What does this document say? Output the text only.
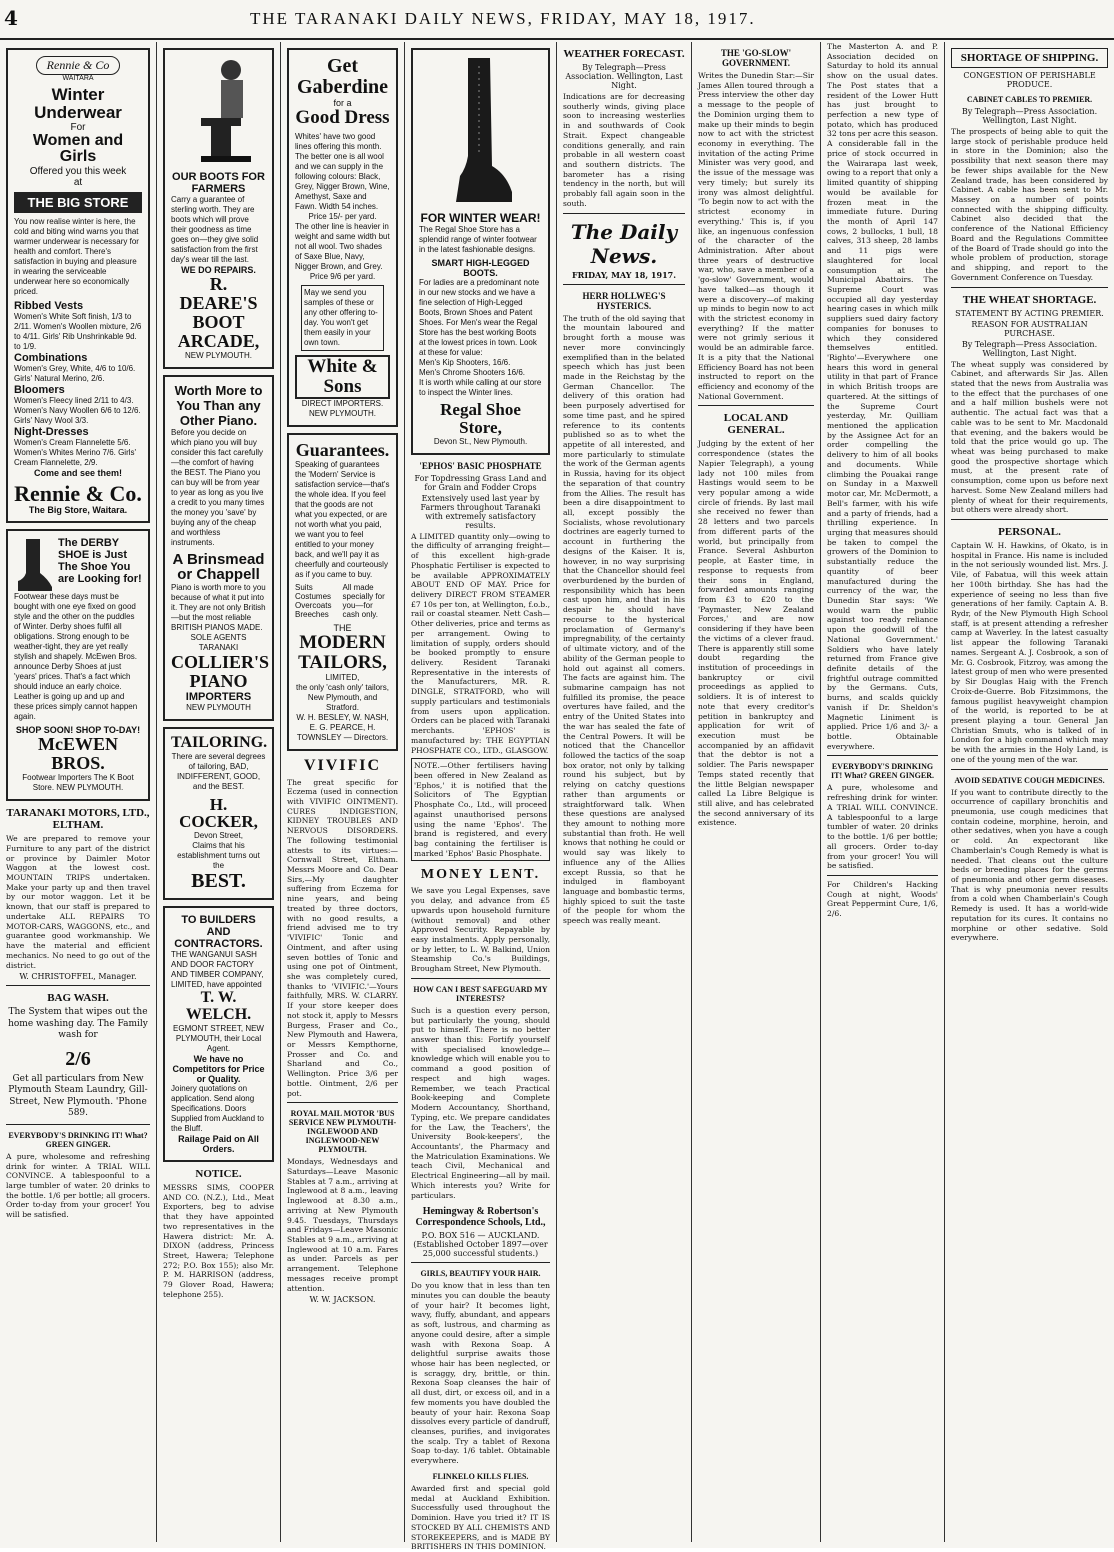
4	THE TARANAKI DAILY NEWS, FRIDAY, MAY 18, 1917.
Rennie & Co
WAITARA
Winter Underwear
For
Women and Girls
Offered you this week
at
THE BIG STORE
You now realise winter is here, the cold and biting wind warns you that warmer underwear is necessary for health and comfort. There's satisfaction in buying and pleasure in wearing the serviceable underwear here so economically priced.
Ribbed Vests
Women's White Soft finish, 1/3 to 2/11. Women's Woollen mixture, 2/6 to 4/11. Girls' Rib Unshrinkable 9d. to 1/9.
Combinations
Women's Grey, White, 4/6 to 10/6. Girls' Natural Merino, 2/6.
Bloomers
Women's Fleecy lined 2/11 to 4/3. Women's Navy Woollen 6/6 to 12/6. Girls' Navy Wool 3/3.
Night-Dresses
Women's Cream Flannelette 5/6. Women's Whites Merino 7/6. Girls' Cream Flannelette, 2/9.
Come and see them!
Rennie & Co.
The Big Store, Waitara.
The DERBY SHOE is Just The Shoe You are Looking for!
Footwear these days must be bought with one eye fixed on good style and the other on the puddles of Winter. Derby shoes fulfil all obligations. Strong enough to be weather-tight, they are yet really stylish and shapely. McEwen Bros. announce Derby Shoes at just 'years' prices. That's a fact which should induce an early choice. Leather is going up and up and these prices simply cannot happen again.
SHOP SOON! SHOP TO-DAY!
McEWEN BROS.
Footwear Importers The K Boot Store. NEW PLYMOUTH.
TARANAKI MOTORS, LTD., ELTHAM.
We are prepared to remove your Furniture to any part of the district or province by Daimler Motor Waggon at the lowest cost. MOUNTAIN TRIPS undertaken. Make your party up and then travel by our motor waggon. Let it be known, that our staff is prepared to undertake ALL REPAIRS TO MOTOR-CARS, WAGGONS, etc., and guarantee good workmanship. We have the material and efficient mechanics. No need to go out of the district.
W. CHRISTOFFEL, Manager.
BAG WASH.
The System that wipes out the home washing day. The Family wash for
2/6
Get all particulars from New Plymouth Steam Laundry, Gill-Street, New Plymouth. 'Phone 589.
EVERYBODY'S DRINKING IT! What? GREEN GINGER.
A pure, wholesome and refreshing drink for winter. A TRIAL WILL CONVINCE. A tablespoonful to a large tumbler of water. 20 drinks to the bottle. 1/6 per bottle; all grocers. Order to-day from your grocer! You will be satisfied.
OUR BOOTS FOR FARMERS
Carry a guarantee of sterling worth. They are boots which will prove their goodness as time goes on—they give solid satisfaction from the first day's wear till the last.
WE DO REPAIRS.
R. DEARE'S BOOT ARCADE,
NEW PLYMOUTH.
Worth More to You Than any Other Piano.
Before you decide on which piano you will buy consider this fact carefully—the comfort of having the BEST. The Piano you can buy will be from year to year as long as you live a credit to you many times the money you 'save' by buying any of the cheap and worthless instruments.
A Brinsmead or Chappell
Piano is worth more to you because of what it put into it. They are not only British—but the most reliable BRITISH PIANOS MADE.
SOLE AGENTS TARANAKI
COLLIER'S PIANO
IMPORTERS
NEW PLYMOUTH
TAILORING.
There are several degrees of tailoring, BAD, INDIFFERENT, GOOD, and the BEST.
H. COCKER,
Devon Street,
Claims that his establishment turns out the
BEST.
TO BUILDERS AND CONTRACTORS.
THE WANGANUI SASH AND DOOR FACTORY AND TIMBER COMPANY, LIMITED, have appointed
T. W. WELCH.
EGMONT STREET, NEW PLYMOUTH, their Local Agent.
We have no Competitors for Price or Quality.
Joinery quotations on application. Send along Specifications. Doors Supplied from Auckland to the Bluff.
Railage Paid on All Orders.
NOTICE.
MESSRS SIMS, COOPER AND CO. (N.Z.), Ltd., Meat Exporters, beg to advise that they have appointed two representatives in the Hawera district: Mr. A. DIXON (address, Princess Street, Hawera; Telephone 272; P.O. Box 155); also Mr. P. M. HARRISON (address, 79 Glover Road, Hawera; telephone 255).
Get
Gaberdine
for a
Good Dress
Whites' have two good lines offering this month. The better one is all wool and we can supply in the following colours: Black, Grey, Nigger Brown, Wine, Amethyst, Saxe and Fawn. Width 54 inches.
Price 15/- per yard.
The other line is heavier in weight and same width but not all wool. Two shades of Saxe Blue, Navy, Nigger Brown, and Grey.
Price 9/6 per yard.
May we send you samples of these or any other offering to-day. You won't get them easily in your own town.
White & Sons
DIRECT IMPORTERS. NEW PLYMOUTH.
Guarantees.
Speaking of guarantees the 'Modern' Service is satisfaction service—that's the whole idea. If you feel that the goods are not what you expected, or are not worth what you paid, we want you to feel entitled to your money back, and we'll pay it as cheerfully and courteously as if you came to buy.
Suits
Costumes
Overcoats
Breeches
All made specially for you—for cash only.
THE
MODERN TAILORS,
LIMITED,
the only 'cash only' tailors,
New Plymouth, and Stratford.
W. H. BESLEY, W. NASH, E. G. PEARCE, H. TOWNSLEY — Directors.
VIVIFIC
The great specific for Eczema (used in connection with VIVIFIC OINTMENT). CURES INDIGESTION, KIDNEY TROUBLES AND NERVOUS DISORDERS. The following testimonial attests to its virtues:— Cornwall Street, Eltham. Messrs Moore and Co. Dear Sirs,—My daughter suffering from Eczema for nine years, and being treated by three doctors, with no good results, a friend advised me to try 'VIVIFIC' Tonic and Ointment, and after using seven bottles of Tonic and using one pot of Ointment, she was completely cured, thanks to 'VIVIFIC.'—Yours faithfully, MRS. W. CLARRY. If your store keeper does not stock it, apply to Messrs Burgess, Fraser and Co., New Plymouth and Hawera, or Messrs Kempthorne, Prosser and Co. and Sharland and Co., Wellington. Price 3/6 per bottle. Ointment, 2/6 per pot.
ROYAL MAIL MOTOR 'BUS SERVICE NEW PLYMOUTH-INGLEWOOD AND INGLEWOOD-NEW PLYMOUTH.
Mondays, Wednesdays and Saturdays—Leave Masonic Stables at 7 a.m., arriving at Inglewood at 8 a.m., leaving Inglewood at 8.30 a.m., arriving at New Plymouth 9.45. Tuesdays, Thursdays and Fridays—Leave Masonic Stables at 9 a.m., arriving at Inglewood at 10 a.m. Fares as under. Parcels as per arrangement. Telephone messages receive prompt attention.
W. W. JACKSON.
FOR WINTER WEAR!
The Regal Shoe Store has a splendid range of winter footwear in the latest fashionable designs.
SMART HIGH-LEGGED BOOTS.
For ladies are a predominant note in our new stocks and we have a fine selection of High-Legged Boots, Brown Shoes and Patent Shoes. For Men's wear the Regal Store has the best working Boots at the lowest prices in town. Look at these for value:
Men's Kip Shooters, 16/6.
Men's Chrome Shooters 16/6.
It is worth while calling at our store to inspect the Winter lines.
Regal Shoe Store,
Devon St., New Plymouth.
'EPHOS' BASIC PHOSPHATE
For Topdressing Grass Land and for Grain and Fodder Crops
Extensively used last year by Farmers throughout Taranaki with extremely satisfactory results.
A LIMITED quantity only—owing to the difficulty of arranging freight—of this excellent high-grade Phosphatic Fertiliser is expected to be available APPROXIMATELY ABOUT END OF MAY. Price for delivery DIRECT FROM STEAMER £7 10s per ton, at Wellington, f.o.b., rail or coastal steamer. Nett Cash—Other deliveries, price and terms as per arrangement. Owing to limitation of supply, orders should be booked promptly to ensure delivery. Resident Taranaki Representative in the interests of the Manufacturers, MR. R. DINGLE, STRATFORD, who will supply particulars and testimonials from users upon application. Orders can be placed with Taranaki merchants. 'EPHOS' is manufactured by: THE EGYPTIAN PHOSPHATE CO., LTD., GLASGOW.
NOTE.—Other fertilisers having been offered in New Zealand as 'Ephos,' it is notified that the Solicitors of The Egyptian Phosphate Co., Ltd., will proceed against unauthorised persons using the name 'Ephos'. The brand is registered, and every bag containing the fertiliser is marked 'Ephos' Basic Phosphate.
MONEY LENT.
We save you Legal Expenses, save you delay, and advance from £5 upwards upon household furniture (without removal) and other Approved Security. Repayable by easy instalments. Apply personally, or by letter, to L. W. Balkind, Union Steamship Co.'s Buildings, Brougham Street, New Plymouth.
HOW CAN I BEST SAFEGUARD MY INTERESTS?
Such is a question every person, but particularly the young, should put to himself. There is no better answer than this: Fortify yourself with specialised knowledge—knowledge which will enable you to command a good position of respect and high wages. Remember, we teach Practical Book-keeping and Complete Modern Accountancy, Shorthand, Typing, etc. We prepare candidates for the Law, the Teachers', the University Book-keepers', the Accountants', the Pharmacy and the Matriculation Examinations. We teach Civil, Mechanical and Electrical Engineering—all by mail. Which interests you? Write for particulars.
Hemingway & Robertson's Correspondence Schools, Ltd.,
P.O. BOX 516 — AUCKLAND. (Established October 1897—over 25,000 successful students.)
GIRLS, BEAUTIFY YOUR HAIR.
Do you know that in less than ten minutes you can double the beauty of your hair? It becomes light, wavy, fluffy, abundant, and appears as soft, lustrous, and charming as anyone could desire, after a simple wash with Rexona Soap. A delightful surprise awaits those whose hair has been neglected, or is scraggy, dry, brittle, or thin. Rexona Soap cleanses the hair of all dust, dirt, or excess oil, and in a few moments you have doubled the beauty of your hair. Rexona Soap dissolves every particle of dandruff, cleanses, purifies, and invigorates the scalp. Try a tablet of Rexona Soap to-day. 1/6 tablet. Obtainable everywhere.
FLINKELO KILLS FLIES.
Awarded first and special gold medal at Auckland Exhibition. Successfully used throughout the Dominion. Have you tried it? IT IS STOCKED BY ALL CHEMISTS AND STOREKEEPERS, and is MADE BY BRITISHERS IN THIS DOMINION.
WEATHER FORECAST.
By Telegraph—Press Association. Wellington, Last Night.
Indications are for decreasing southerly winds, giving place soon to increasing westerlies in and southwards of Cook Strait. Expect changeable conditions generally, and rain probable in all western coast and southern districts. The barometer has a rising tendency in the north, but will probably fall again soon in the south.
The Daily News.
FRIDAY, MAY 18, 1917.
HERR HOLLWEG'S HYSTERICS.
The truth of the old saying that the mountain laboured and brought forth a mouse was never more convincingly exemplified than in the belated speech which has just been made in the Reichstag by the German Chancellor. The delivery of this oration had been purposely advertised for some time past, and he spired reference to its contents published so as to whet the appetite of all interested, and more particularly to stimulate the work of the German agents in Russia, having for its object the separation of that country from the Allies. The result has been a dire disappointment to all, except possibly the Socialists, whose revolutionary doctrines are eagerly turned to account in furthering the designs of the Kaiser. It is, however, in no way surprising that the Chancellor should feel overburdened by the burden of responsibility which has been cast upon him, and that in his despair he should have recourse to the hysterical proclamation of Germany's impregnability, of the certainty of ultimate victory, and of the ability of the German people to hold out against all comers. The facts are against him. The submarine campaign has not fulfilled its promise, the peace overtures have failed, and the entry of the United States into the war has sealed the fate of the Central Powers. It will be noticed that the Chancellor followed the tactics of the soap box orator, not only by talking round his subject, but by relying on catchy questions rather than arguments or straightforward talk. When these questions are analysed they amount to nothing more substantial than froth. He well knows that nothing he could or would say was likely to influence any of the Allies except Russia, so that he indulged in flamboyant language and bombastic terms, highly spiced to suit the taste of the people for whom the speech was really meant.
THE 'GO-SLOW' GOVERNMENT.
Writes the Dunedin Star:—Sir James Allen toured through a Press interview the other day a message to the people of the Dominion urging them to make up their minds to begin now to act with the strictest economy in everything. The invitation of the acting Prime Minister was very good, and the issue of the message was very timely; but surely its irony was almost delightful. 'To begin now to act with the strictest economy in everything.' This is, if you like, an ingenuous confession of the character of the Administration. After about three years of destructive war, who, save a member of a 'go-slow' Government, would have talked—as though it were a discovery—of making up minds to begin now to act with the strictest economy in everything? If the matter were not grimly serious it would be an admirable farce. It is a pity that the National Efficiency Board has not been instructed to report on the efficiency and economy of the National Government.
LOCAL AND GENERAL.
Judging by the extent of her correspondence (states the Napier Telegraph), a young lady not 100 miles from Hastings would seem to be very popular among a wide circle of friends. By last mail she received no fewer than 28 letters and two parcels from different parts of the world, but principally from France. Several Ashburton people, at Easter time, in response to requests from their sons in England, forwarded amounts ranging from £3 to £20 to the 'Paymaster, New Zealand Forces,' and are now considering if they have been the victims of a clever fraud. There is apparently still some doubt regarding the institution of proceedings in bankruptcy or civil proceedings as applied to soldiers. It is of interest to note that every creditor's petition in bankruptcy and application for writ of execution must be accompanied by an affidavit that the debtor is not a soldier. The Paris newspaper Temps stated recently that the little Belgian newspaper called La Libre Belgique is still alive, and has celebrated the second anniversary of its existence.
The Masterton A. and P. Association decided on Saturday to hold its annual show on the usual dates. The Post states that a resident of the Lower Hutt has just brought to perfection a new type of potato, which has produced 32 tons per acre this season. A considerable fall in the price of stock occurred in the Wairarapa last week, owing to a report that only a limited quantity of shipping would be available for frozen meat in the immediate future. During the month of April 147 cows, 2 bullocks, 1 bull, 18 calves, 313 sheep, 28 lambs and 11 pigs were slaughtered for local consumption at the Municipal Abattoirs. The Supreme Court was occupied all day yesterday hearing cases in which milk suppliers sued dairy factory companies for bonuses to which they considered themselves entitled. 'Righto'—Everywhere one hears this word in general utility in that part of France in which British troops are quartered. At the sittings of the Supreme Court yesterday, Mr. Quilliam mentioned the application by the Assignee Act for an order compelling the delivery to him of all books and documents. While climbing the Pouakai range on Sunday in a Maxwell motor car, Mr. McDermott, a Bell's farmer, with his wife and a party of friends, had a thrilling experience. In urging that measures should be taken to compel the growers of the Dominion to substantially reduce the quantity of beer manufactured during the currency of the war, the Dunedin Star says: 'We would warn the public against too ready reliance upon the goodwill of the National Government.' Soldiers who have lately returned from France give definite details of the frightful outrage committed by the Germans. Cuts, burns, and scalds quickly vanish if Dr. Sheldon's Magnetic Liniment is applied. Price 1/6 and 3/- a bottle. Obtainable everywhere.
EVERYBODY'S DRINKING IT! What? GREEN GINGER.
A pure, wholesome and refreshing drink for winter. A TRIAL WILL CONVINCE. A tablespoonful to a large tumbler of water. 20 drinks to the bottle. 1/6 per bottle; all grocers. Order to-day from your grocer! You will be satisfied.
For Children's Hacking Cough at night, Woods' Great Peppermint Cure, 1/6, 2/6.
SHORTAGE OF SHIPPING.
CONGESTION OF PERISHABLE PRODUCE.
CABINET CABLES TO PREMIER.
By Telegraph—Press Association. Wellington, Last Night.
The prospects of being able to quit the large stock of perishable produce held in store in the Dominion; also the possibility that next season there may be fewer ships available for the New Zealand trade, has been considered by Cabinet. A cable has been sent to Mr. Massey on a number of points connected with the shipping difficulty. Cabinet also decided that the conference of the National Efficiency Board and the Regulations Committee of the Board of Trade should go into the whole problem of production, storage and shipping, and report to the Government Conference on Tuesday.
THE WHEAT SHORTAGE.
STATEMENT BY ACTING PREMIER.
REASON FOR AUSTRALIAN PURCHASE.
By Telegraph—Press Association. Wellington, Last Night.
The wheat supply was considered by Cabinet, and afterwards Sir Jas. Allen stated that the news from Australia was to the effect that the purchases of one and a half million bushels were not authentic. The actual fact was that a cable was to be sent to Mr. Macdonald that evening, and the bakers would be told that the price would go up. The wheat was being purchased to make good the prospective shortage which must, at the present rate of consumption, come upon us before next harvest. Some New Zealand millers had plenty of wheat for their requirements, but others were already short.
PERSONAL.
Captain W. H. Hawkins, of Okato, is in hospital in France. His name is included in the not seriously wounded list. Mrs. J. Vile, of Fabatua, will this week attain her 100th birthday. She has had the experience of seeing no less than five generations of her family. Captain A. B. Rydr, of the New Plymouth High School staff, is at present attending a refresher camp at Waverley. In the latest casualty list appear the following Taranaki names. Sergeant A. J. Cosbrook, a son of Mr. G. Cosbrook, Fitzroy, was among the latest group of men who were presented by Sir Douglas Haig with the French Croix-de-Guerre. Bob Fitzsimmons, the famous pugilist heavyweight champion of the world, is reported to be at present playing a tour. General Jan Christian Smuts, who is talked of in London for a high command which may be with the armies in the Holy Land, is one of the young men of the war.
AVOID SEDATIVE COUGH MEDICINES.
If you want to contribute directly to the occurrence of capillary bronchitis and pneumonia, use cough medicines that contain codeine, morphine, heroin, and other sedatives, when you have a cough or cold. An expectorant like Chamberlain's Cough Remedy is what is needed. That cleans out the culture beds or breeding places for the germs of pneumonia and other germ diseases. That is why pneumonia never results from a cold when Chamberlain's Cough Remedy is used. It has a world-wide reputation for its cures. It contains no morphine or other sedative. Sold everywhere.
